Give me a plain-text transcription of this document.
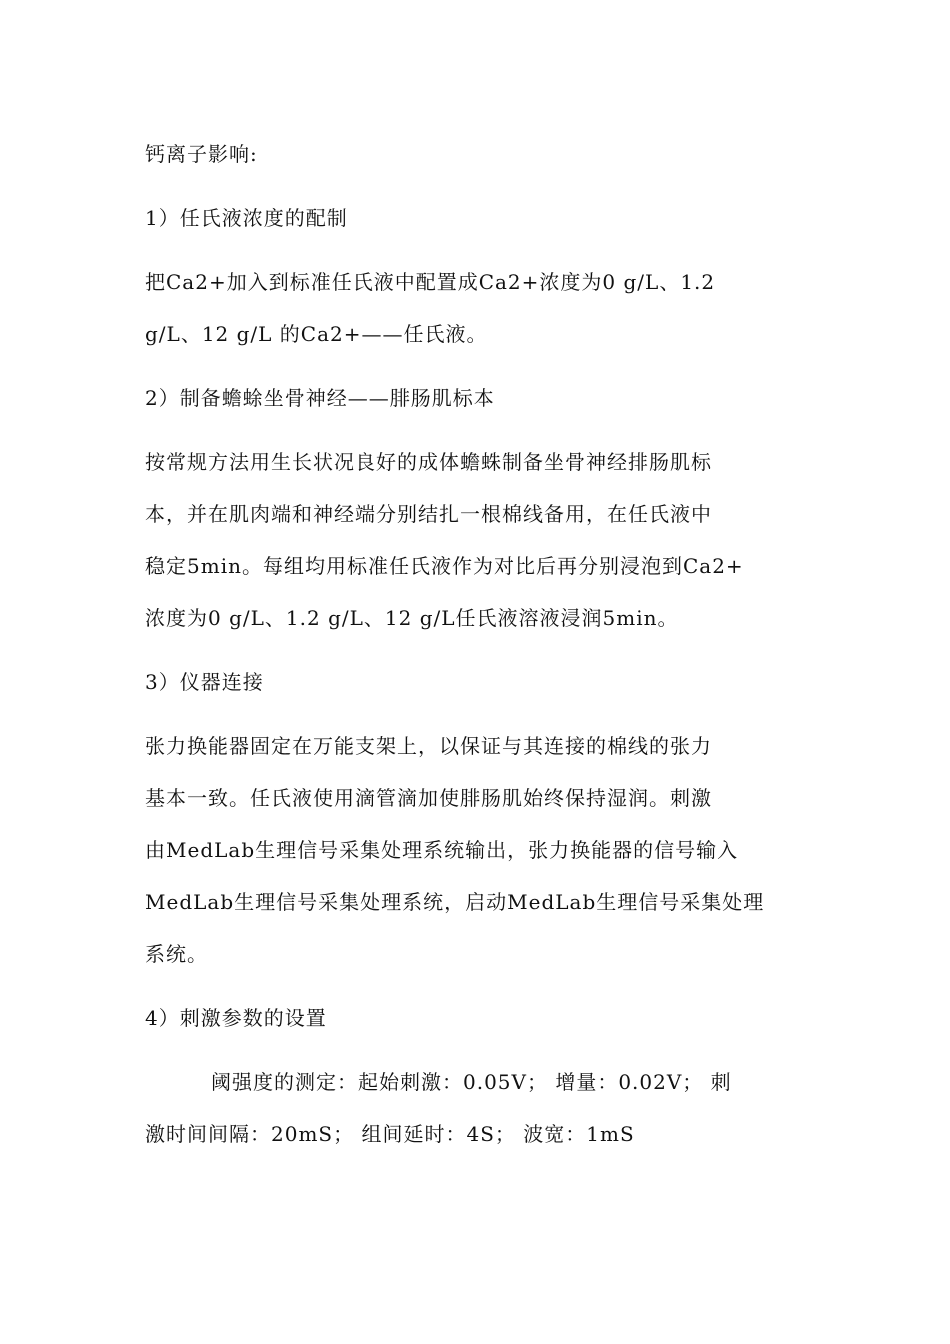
钙离子影响:

1）任氏液浓度的配制

把Ca2+加入到标准任氏液中配置成Ca2+浓度为0 g/L、1.2

g/L、12 g/L 的Ca2+——任氏液。

2）制备蟾蜍坐骨神经——腓肠肌标本

按常规方法用生长状况良好的成体蟾蛛制备坐骨神经排肠肌标

本，并在肌肉端和神经端分别结扎一根棉线备用，在任氏液中

稳定5min。每组均用标准任氏液作为对比后再分别浸泡到Ca2+

浓度为0 g/L、1.2 g/L、12 g/L任氏液溶液浸润5min。

3）仪器连接

张力换能器固定在万能支架上，以保证与其连接的棉线的张力

基本一致。任氏液使用滴管滴加使腓肠肌始终保持湿润。刺激

由MedLab生理信号采集处理系统输出，张力换能器的信号输入

MedLab生理信号采集处理系统，启动MedLab生理信号采集处理

系统。

4）刺激参数的设置

阈强度的测定：起始刺激：0.05V； 增量：0.02V； 刺

激时间间隔：20mS； 组间延时：4S； 波宽：1mS
